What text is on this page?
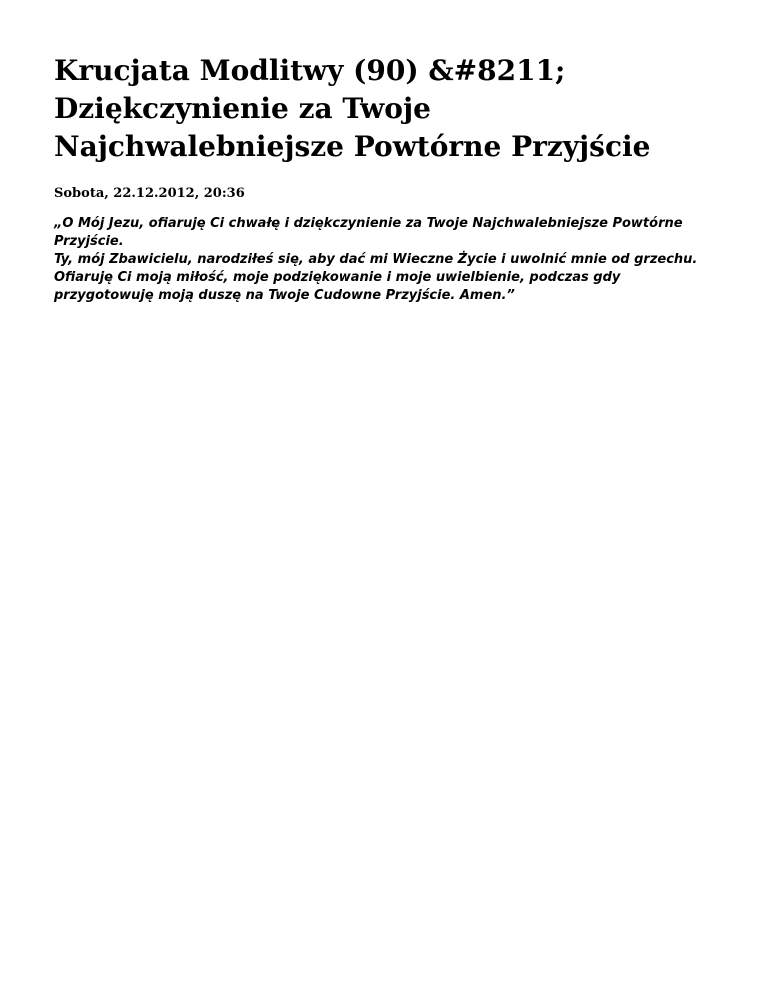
Krucjata Modlitwy (90) &#8211; Dziękczynienie za Twoje Najchwalebniejsze Powtórne Przyjście

Sobota, 22.12.2012, 20:36

„O Mój Jezu, ofiaruję Ci chwałę i dziękczynienie za Twoje Najchwalebniejsze Powtórne Przyjście.
Ty, mój Zbawicielu, narodziłeś się, aby dać mi Wieczne Życie i uwolnić mnie od grzechu.
Ofiaruję Ci moją miłość, moje podziękowanie i moje uwielbienie, podczas gdy przygotowuję moją duszę na Twoje Cudowne Przyjście. Amen.”
